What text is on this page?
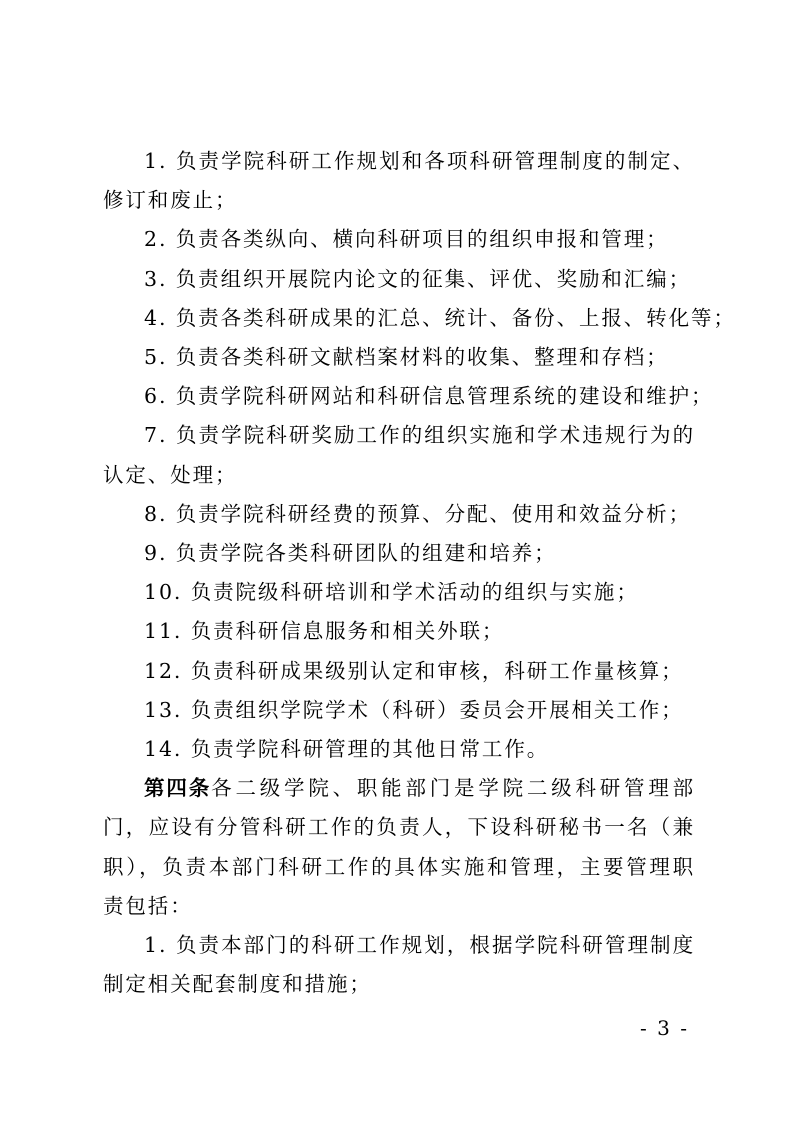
1. 负责学院科研工作规划和各项科研管理制度的制定、修订和废止；

2. 负责各类纵向、横向科研项目的组织申报和管理；

3. 负责组织开展院内论文的征集、评优、奖励和汇编；

4. 负责各类科研成果的汇总、统计、备份、上报、转化等；

5. 负责各类科研文献档案材料的收集、整理和存档；

6. 负责学院科研网站和科研信息管理系统的建设和维护；

7. 负责学院科研奖励工作的组织实施和学术违规行为的认定、处理；

8. 负责学院科研经费的预算、分配、使用和效益分析；

9. 负责学院各类科研团队的组建和培养；

10. 负责院级科研培训和学术活动的组织与实施；

11. 负责科研信息服务和相关外联；

12. 负责科研成果级别认定和审核，科研工作量核算；

13. 负责组织学院学术（科研）委员会开展相关工作；

14. 负责学院科研管理的其他日常工作。

第四条各二级学院、职能部门是学院二级科研管理部门，应设有分管科研工作的负责人，下设科研秘书一名（兼职），负责本部门科研工作的具体实施和管理，主要管理职责包括：

1. 负责本部门的科研工作规划，根据学院科研管理制度制定相关配套制度和措施；

- 3 -
